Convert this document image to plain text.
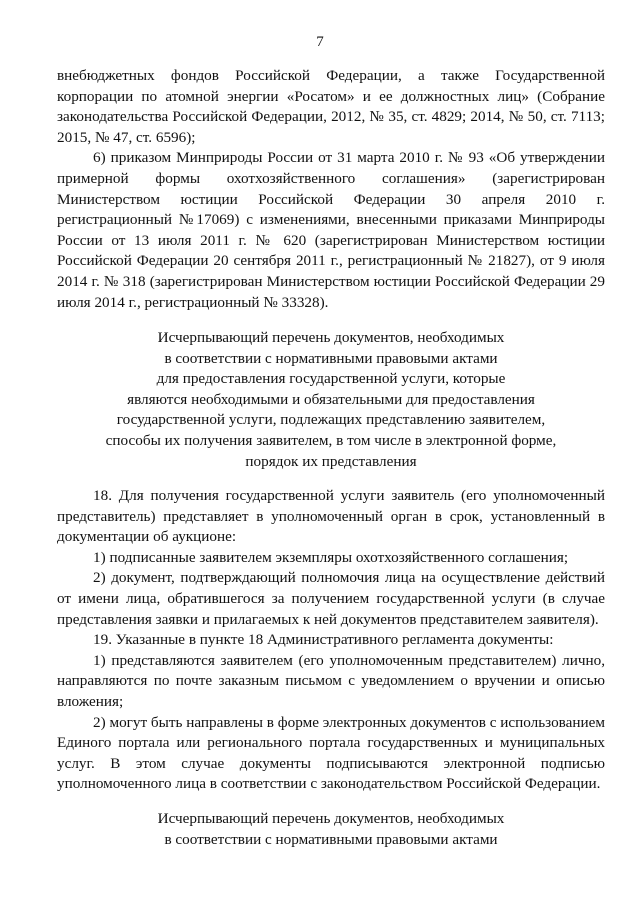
7

внебюджетных фондов Российской Федерации, а также Государственной корпорации по атомной энергии «Росатом» и ее должностных лиц» (Собрание законодательства Российской Федерации, 2012, № 35, ст. 4829; 2014, № 50, ст. 7113; 2015, № 47, ст. 6596);

6) приказом Минприроды России от 31 марта 2010 г. № 93 «Об утверждении примерной формы охотхозяйственного соглашения» (зарегистрирован Министерством юстиции Российской Федерации 30 апреля 2010 г. регистрационный №17069) с изменениями, внесенными приказами Минприроды России от 13 июля 2011 г. № 620 (зарегистрирован Министерством юстиции Российской Федерации 20 сентября 2011 г., регистрационный № 21827), от 9 июля 2014 г. № 318 (зарегистрирован Министерством юстиции Российской Федерации 29 июля 2014 г., регистрационный № 33328).

Исчерпывающий перечень документов, необходимых
в соответствии с нормативными правовыми актами
для предоставления государственной услуги, которые
являются необходимыми и обязательными для предоставления
государственной услуги, подлежащих представлению заявителем,
способы их получения заявителем, в том числе в электронной форме,
порядок их представления

18. Для получения государственной услуги заявитель (его уполномоченный представитель) представляет в уполномоченный орган в срок, установленный в документации об аукционе:

1) подписанные заявителем экземпляры охотхозяйственного соглашения;

2) документ, подтверждающий полномочия лица на осуществление действий от имени лица, обратившегося за получением государственной услуги (в случае представления заявки и прилагаемых к ней документов представителем заявителя).

19. Указанные в пункте 18 Административного регламента документы:

1) представляются заявителем (его уполномоченным представителем) лично, направляются по почте заказным письмом с уведомлением о вручении и описью вложения;

2) могут быть направлены в форме электронных документов с использованием Единого портала или регионального портала государственных и муниципальных услуг. В этом случае документы подписываются электронной подписью уполномоченного лица в соответствии с законодательством Российской Федерации.

Исчерпывающий перечень документов, необходимых
в соответствии с нормативными правовыми актами
